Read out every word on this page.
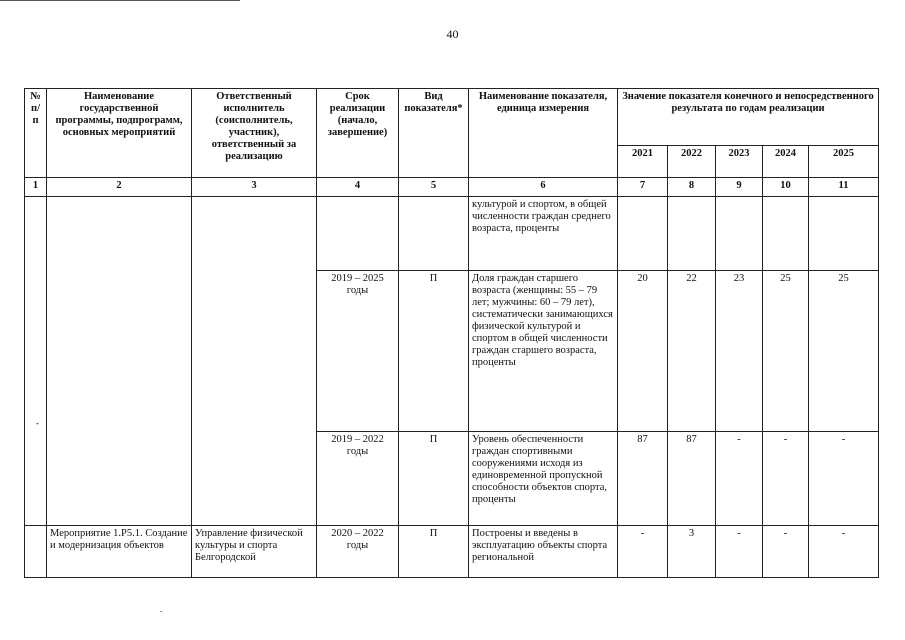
40
№ п/п	Наименование государственной программы, подпрограмм, основных мероприятий	Ответственный исполнитель (соисполнитель, участник), ответственный за реализацию	Срок реализации (начало, завершение)	Вид показателя*	Наименование показателя, единица измерения	Значение показателя конечного и непосредственного результата по годам реализации				
						2021	2022	2023	2024	2025
1	2	3	4	5	6	7	8	9	10	11
					культурой и спортом, в общей численности граждан среднего возраста, проценты					
			2019 – 2025 годы	П	Доля граждан старшего возраста (женщины: 55 – 79 лет; мужчины: 60 – 79 лет), систематически занимающихся физической культурой и спортом в общей численности граждан старшего возраста, проценты	20	22	23	25	25
			2019 – 2022 годы	П	Уровень обеспеченности граждан спортивными сооружениями исходя из единовременной пропускной способности объектов спорта, проценты	87	87	-	-	-
	Мероприятие 1.Р5.1. Создание и модернизация объектов	Управление физической культуры и спорта Белгородской	2020 – 2022 годы	П	Построены и введены в эксплуатацию объекты спорта региональной	-	3	-	-	-
-
.
